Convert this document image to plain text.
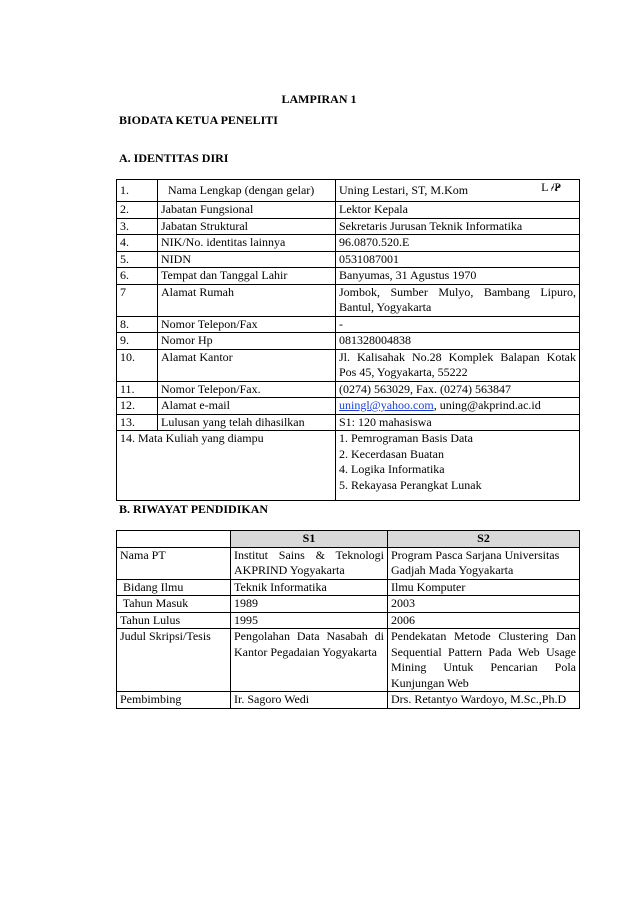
LAMPIRAN 1
BIODATA KETUA PENELITI
A. IDENTITAS DIRI
1.	Nama Lengkap (dengan gelar)	Uning Lestari, ST, M.Kom L /P

2.	Jabatan Fungsional	Lektor Kepala
3.	Jabatan Struktural	Sekretaris Jurusan Teknik Informatika
4.	NIK/No. identitas lainnya	96.0870.520.E
5.	NIDN	0531087001
6.	Tempat dan Tanggal Lahir	Banyumas, 31 Agustus 1970
7	Alamat Rumah	Jombok, Sumber Mulyo, Bambang Lipuro, Bantul, Yogyakarta
8.	Nomor Telepon/Fax	-
9.	Nomor Hp	081328004838
10.	Alamat Kantor	Jl. Kalisahak No.28 Komplek Balapan Kotak Pos 45, Yogyakarta, 55222
11.	Nomor Telepon/Fax.	(0274) 563029, Fax. (0274) 563847
12.	Alamat e-mail	uningl@yahoo.com, uning@akprind.ac.id
13.	Lulusan yang telah dihasilkan	S1: 120 mahasiswa
14. Mata Kuliah yang diampu		1. Pemrograman Basis Data
2. Kecerdasan Buatan
4. Logika Informatika
5. Rekayasa Perangkat Lunak
B. RIWAYAT PENDIDIKAN
	S1	S2
Nama PT	Institut Sains & Teknologi AKPRIND Yogyakarta	Program Pasca Sarjana Universitas Gadjah Mada Yogyakarta
Bidang Ilmu	Teknik Informatika	Ilmu Komputer
Tahun Masuk	1989	2003
Tahun Lulus	1995	2006
Judul Skripsi/Tesis	Pengolahan Data Nasabah di Kantor Pegadaian Yogyakarta	Pendekatan Metode Clustering Dan Sequential Pattern Pada Web Usage Mining Untuk Pencarian Pola Kunjungan Web
Pembimbing	Ir. Sagoro Wedi	Drs. Retantyo Wardoyo, M.Sc.,Ph.D
